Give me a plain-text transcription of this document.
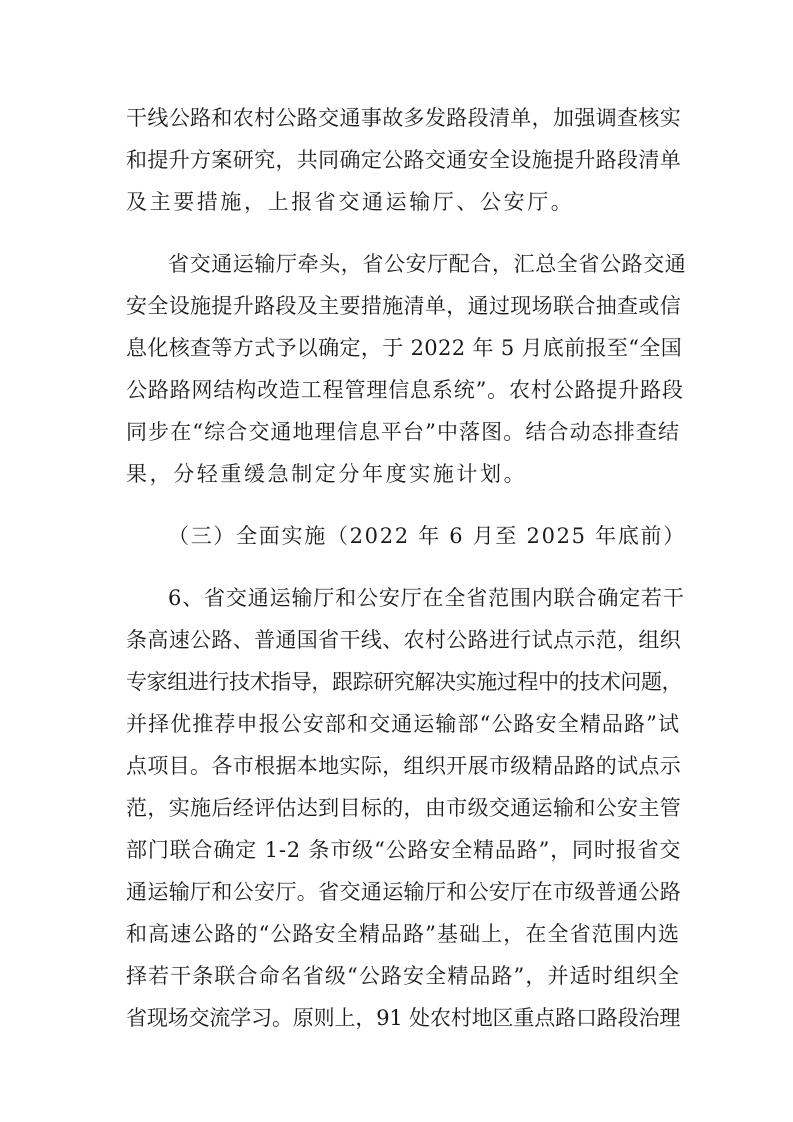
干线公路和农村公路交通事故多发路段清单，加强调查核实

和提升方案研究，共同确定公路交通安全设施提升路段清单

及主要措施，上报省交通运输厅、公安厅。

省交通运输厅牵头，省公安厅配合，汇总全省公路交通

安全设施提升路段及主要措施清单，通过现场联合抽查或信

息化核查等方式予以确定，于 2022 年 5 月底前报至“全国

公路路网结构改造工程管理信息系统”。农村公路提升路段

同步在“综合交通地理信息平台”中落图。结合动态排查结

果，分轻重缓急制定分年度实施计划。

（三）全面实施（2022 年 6 月至 2025 年底前）

6、省交通运输厅和公安厅在全省范围内联合确定若干

条高速公路、普通国省干线、农村公路进行试点示范，组织

专家组进行技术指导，跟踪研究解决实施过程中的技术问题，

并择优推荐申报公安部和交通运输部“公路安全精品路”试

点项目。各市根据本地实际，组织开展市级精品路的试点示

范，实施后经评估达到目标的，由市级交通运输和公安主管

部门联合确定 1-2 条市级“公路安全精品路”，同时报省交

通运输厅和公安厅。省交通运输厅和公安厅在市级普通公路

和高速公路的“公路安全精品路”基础上，在全省范围内选

择若干条联合命名省级“公路安全精品路”，并适时组织全

省现场交流学习。原则上，91 处农村地区重点路口路段治理
